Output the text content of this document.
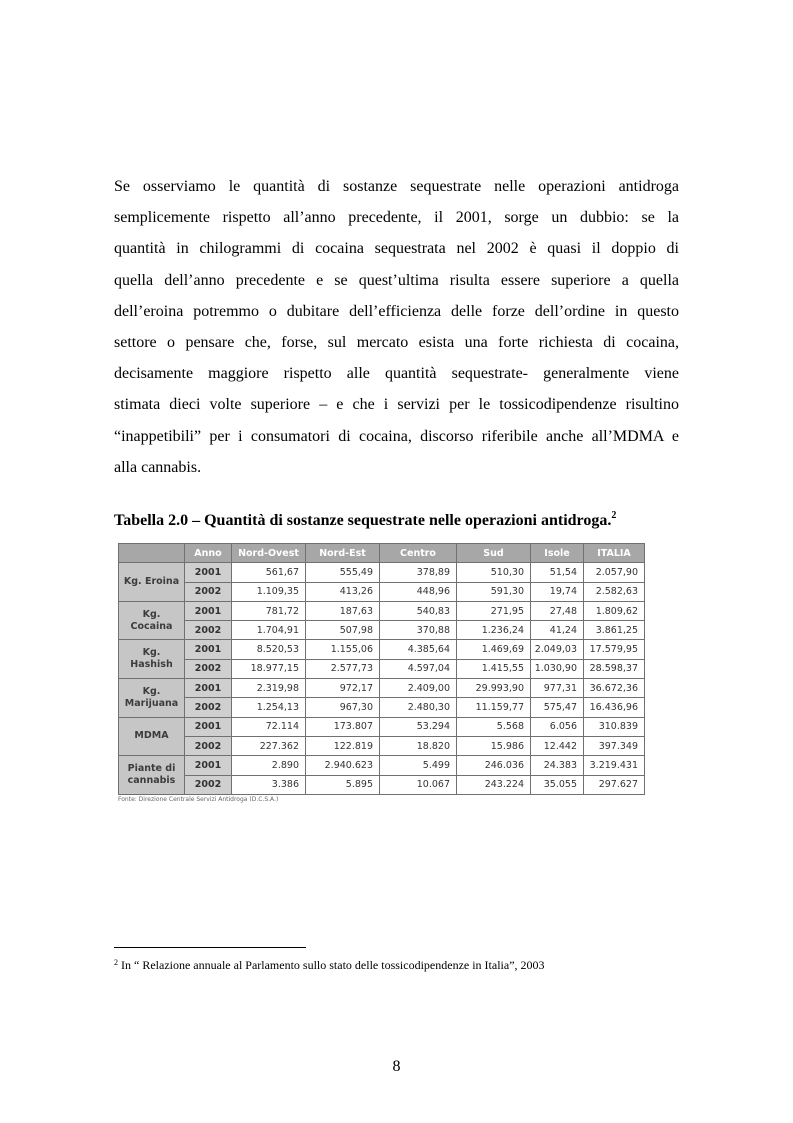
Se osserviamo le quantità di sostanze sequestrate nelle operazioni antidroga
semplicemente rispetto all’anno precedente, il 2001, sorge un dubbio: se la
quantità in chilogrammi di cocaina sequestrata nel 2002 è quasi il doppio di
quella dell’anno precedente e se quest’ultima risulta essere superiore a quella
dell’eroina potremmo o dubitare dell’efficienza delle forze dell’ordine in questo
settore o pensare che, forse, sul mercato esista una forte richiesta di cocaina,
decisamente maggiore rispetto alle quantità sequestrate- generalmente viene
stimata dieci volte superiore – e che i servizi per le tossicodipendenze risultino
“inappetibili” per i consumatori di cocaina, discorso riferibile anche all’MDMA e
alla cannabis.

Tabella 2.0 – Quantità di sostanze sequestrate nelle operazioni antidroga.$^2$

	Anno	Nord-Ovest	Nord-Est	Centro	Sud	Isole	ITALIA
Kg. Eroina	2001	561,67	555,49	378,89	510,30	51,54	2.057,90
	2002	1.109,35	413,26	448,96	591,30	19,74	2.582,63
Kg. Cocaina	2001	781,72	187,63	540,83	271,95	27,48	1.809,62
	2002	1.704,91	507,98	370,88	1.236,24	41,24	3.861,25
Kg. Hashish	2001	8.520,53	1.155,06	4.385,64	1.469,69	2.049,03	17.579,95
	2002	18.977,15	2.577,73	4.597,04	1.415,55	1.030,90	28.598,37
Kg. Marijuana	2001	2.319,98	972,17	2.409,00	29.993,90	977,31	36.672,36
	2002	1.254,13	967,30	2.480,30	11.159,77	575,47	16.436,96
MDMA	2001	72.114	173.807	53.294	5.568	6.056	310.839
	2002	227.362	122.819	18.820	15.986	12.442	397.349
Piante di cannabis	2001	2.890	2.940.623	5.499	246.036	24.383	3.219.431
	2002	3.386	5.895	10.067	243.224	35.055	297.627
Fonte: Direzione Centrale Servizi Antidroga (D.C.S.A.)

$^2$ In “ Relazione annuale al Parlamento sullo stato delle tossicodipendenze in Italia”, 2003

8
